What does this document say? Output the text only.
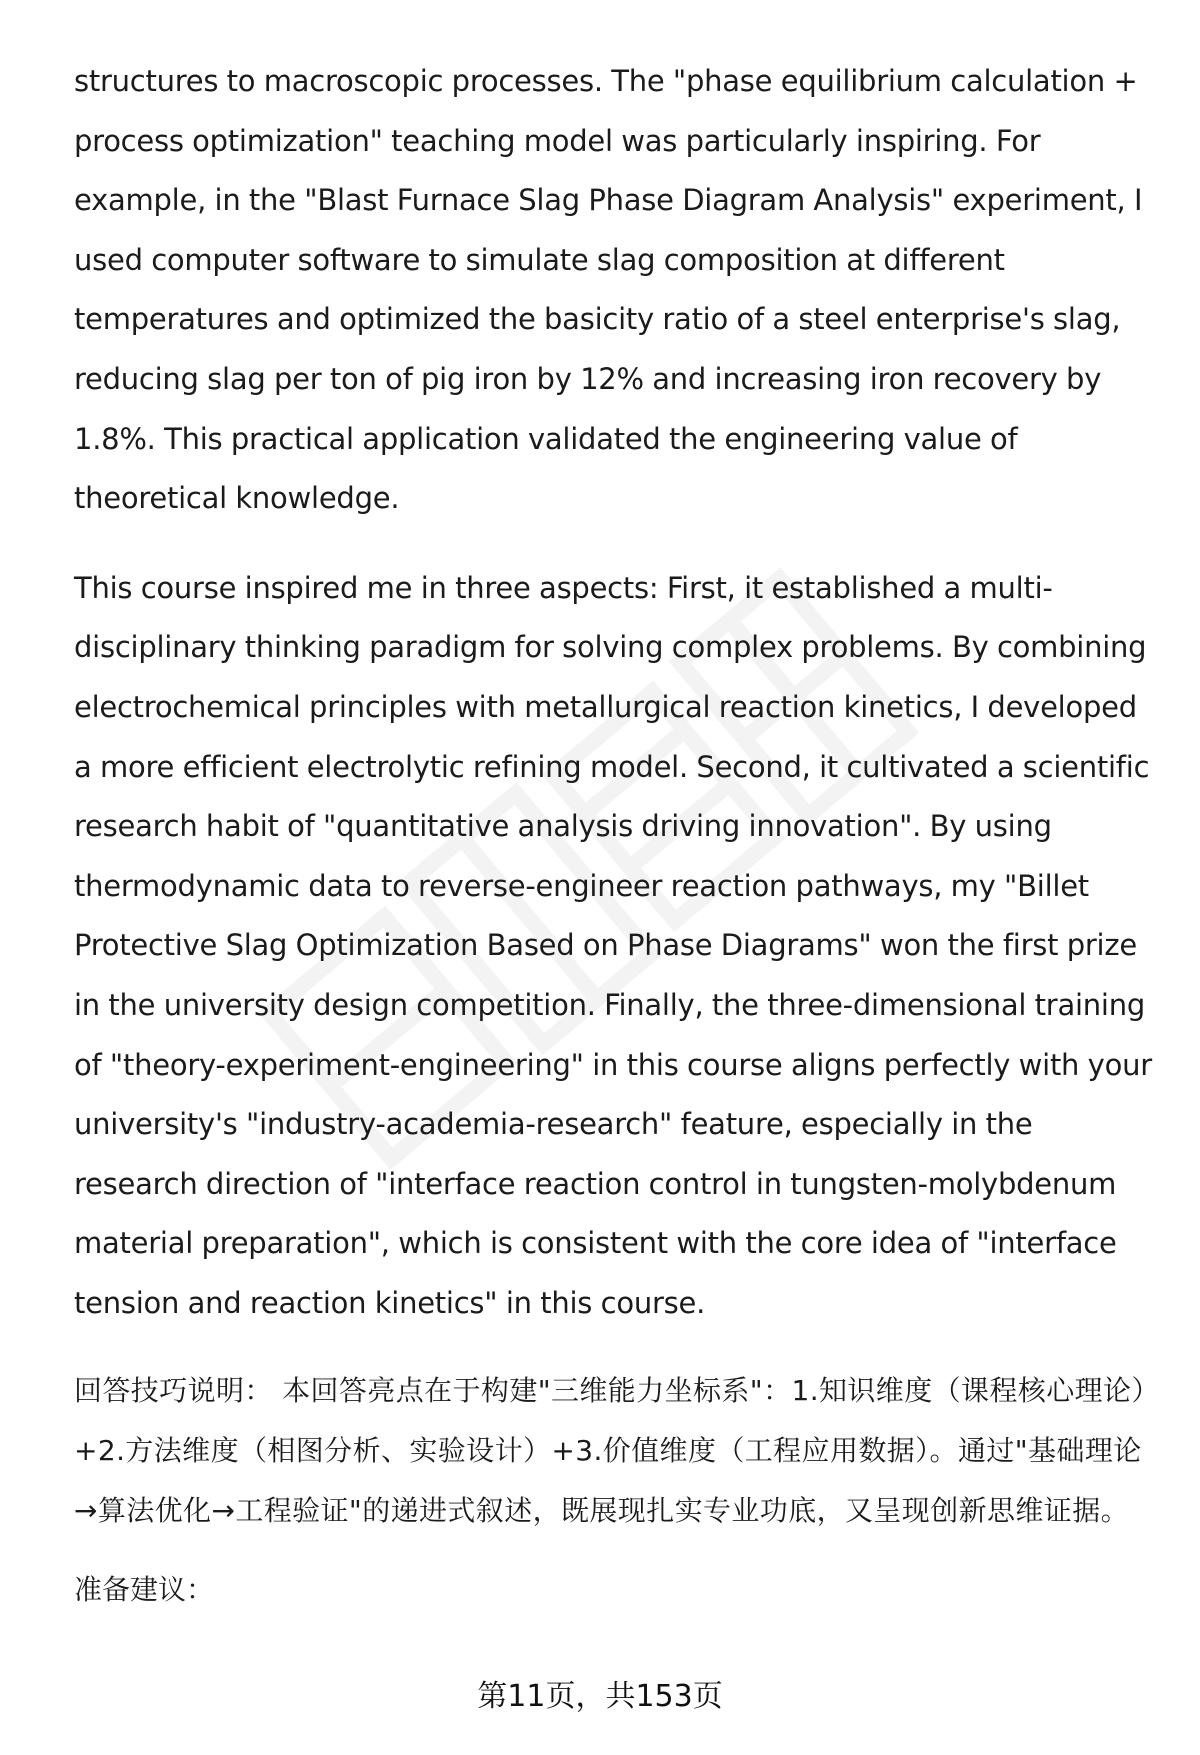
structures to macroscopic processes. The "phase equilibrium calculation + process optimization" teaching model was particularly inspiring. For example, in the "Blast Furnace Slag Phase Diagram Analysis" experiment, I used computer software to simulate slag composition at different temperatures and optimized the basicity ratio of a steel enterprise's slag, reducing slag per ton of pig iron by 12% and increasing iron recovery by 1.8%. This practical application validated the engineering value of theoretical knowledge.

This course inspired me in three aspects: First, it established a multi-disciplinary thinking paradigm for solving complex problems. By combining electrochemical principles with metallurgical reaction kinetics, I developed a more efficient electrolytic refining model. Second, it cultivated a scientific research habit of "quantitative analysis driving innovation". By using thermodynamic data to reverse-engineer reaction pathways, my "Billet Protective Slag Optimization Based on Phase Diagrams" won the first prize in the university design competition. Finally, the three-dimensional training of "theory-experiment-engineering" in this course aligns perfectly with your university's "industry-academia-research" feature, especially in the research direction of "interface reaction control in tungsten-molybdenum material preparation", which is consistent with the core idea of "interface tension and reaction kinetics" in this course.

回答技巧说明： 本回答亮点在于构建"三维能力坐标系"：1.知识维度（课程核心理论）+2.方法维度（相图分析、实验设计）+3.价值维度（工程应用数据）。通过"基础理论→算法优化→工程验证"的递进式叙述，既展现扎实专业功底，又呈现创新思维证据。

准备建议：

第11页，共153页
